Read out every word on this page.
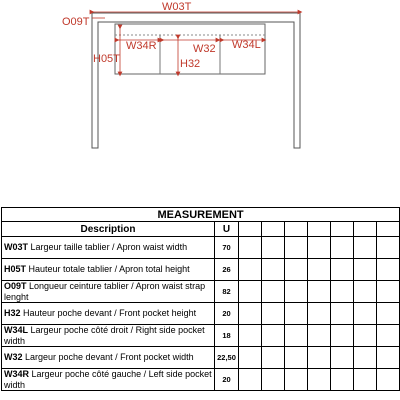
W03T
O09T
H05T
W34R	W32 W34L
H32
MEASUREMENT								
Description	U							
W03T Largeur taille tablier / Apron waist width	70							
H05T Hauteur totale tablier / Apron total height	26							
O09T Longueur ceinture tablier / Apron waist strap lenght	82							
H32 Hauteur poche devant / Front pocket height	20							
W34L Largeur poche côté droit / Right side pocket width	18							
W32 Largeur poche devant / Front pocket width	22,50							
W34R Largeur poche côté gauche / Left side pocket width	20							
